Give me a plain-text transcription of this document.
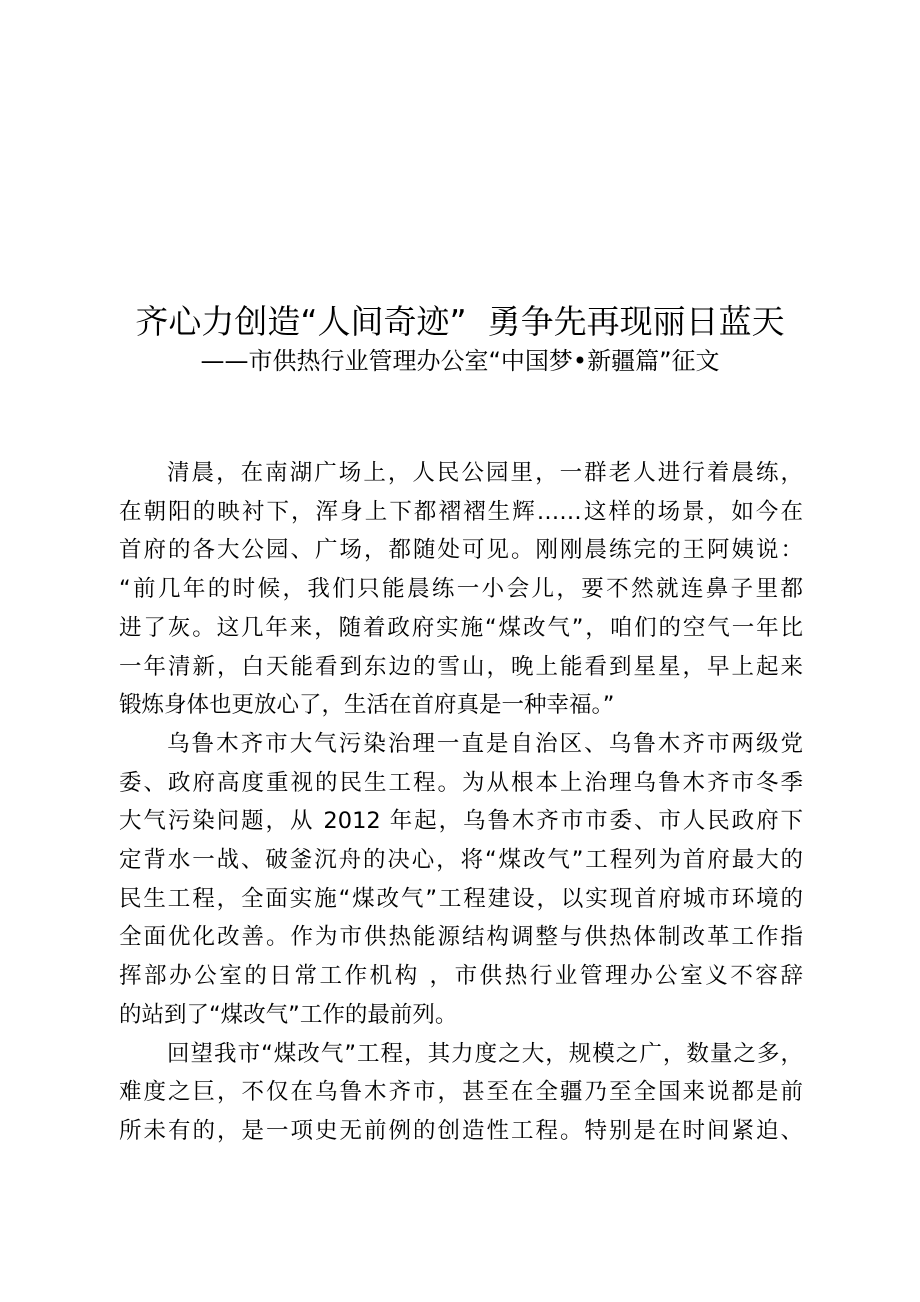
齐心力创造“人间奇迹”  勇争先再现丽日蓝天
——市供热行业管理办公室“中国梦•新疆篇”征文

清晨，在南湖广场上，人民公园里，一群老人进行着晨练，
在朝阳的映衬下，浑身上下都褶褶生辉……这样的场景，如今在
首府的各大公园、广场，都随处可见。刚刚晨练完的王阿姨说：
“前几年的时候，我们只能晨练一小会儿，要不然就连鼻子里都
进了灰。这几年来，随着政府实施“煤改气”，咱们的空气一年比
一年清新，白天能看到东边的雪山，晚上能看到星星，早上起来
锻炼身体也更放心了，生活在首府真是一种幸福。”

乌鲁木齐市大气污染治理一直是自治区、乌鲁木齐市两级党
委、政府高度重视的民生工程。为从根本上治理乌鲁木齐市冬季
大气污染问题，从 2012 年起，乌鲁木齐市市委、市人民政府下
定背水一战、破釜沉舟的决心，将“煤改气”工程列为首府最大的
民生工程，全面实施“煤改气”工程建设，以实现首府城市环境的
全面优化改善。作为市供热能源结构调整与供热体制改革工作指
挥部办公室的日常工作机构 ，市供热行业管理办公室义不容辞
的站到了“煤改气”工作的最前列。

回望我市“煤改气”工程，其力度之大，规模之广，数量之多，
难度之巨，不仅在乌鲁木齐市，甚至在全疆乃至全国来说都是前
所未有的，是一项史无前例的创造性工程。特别是在时间紧迫、
